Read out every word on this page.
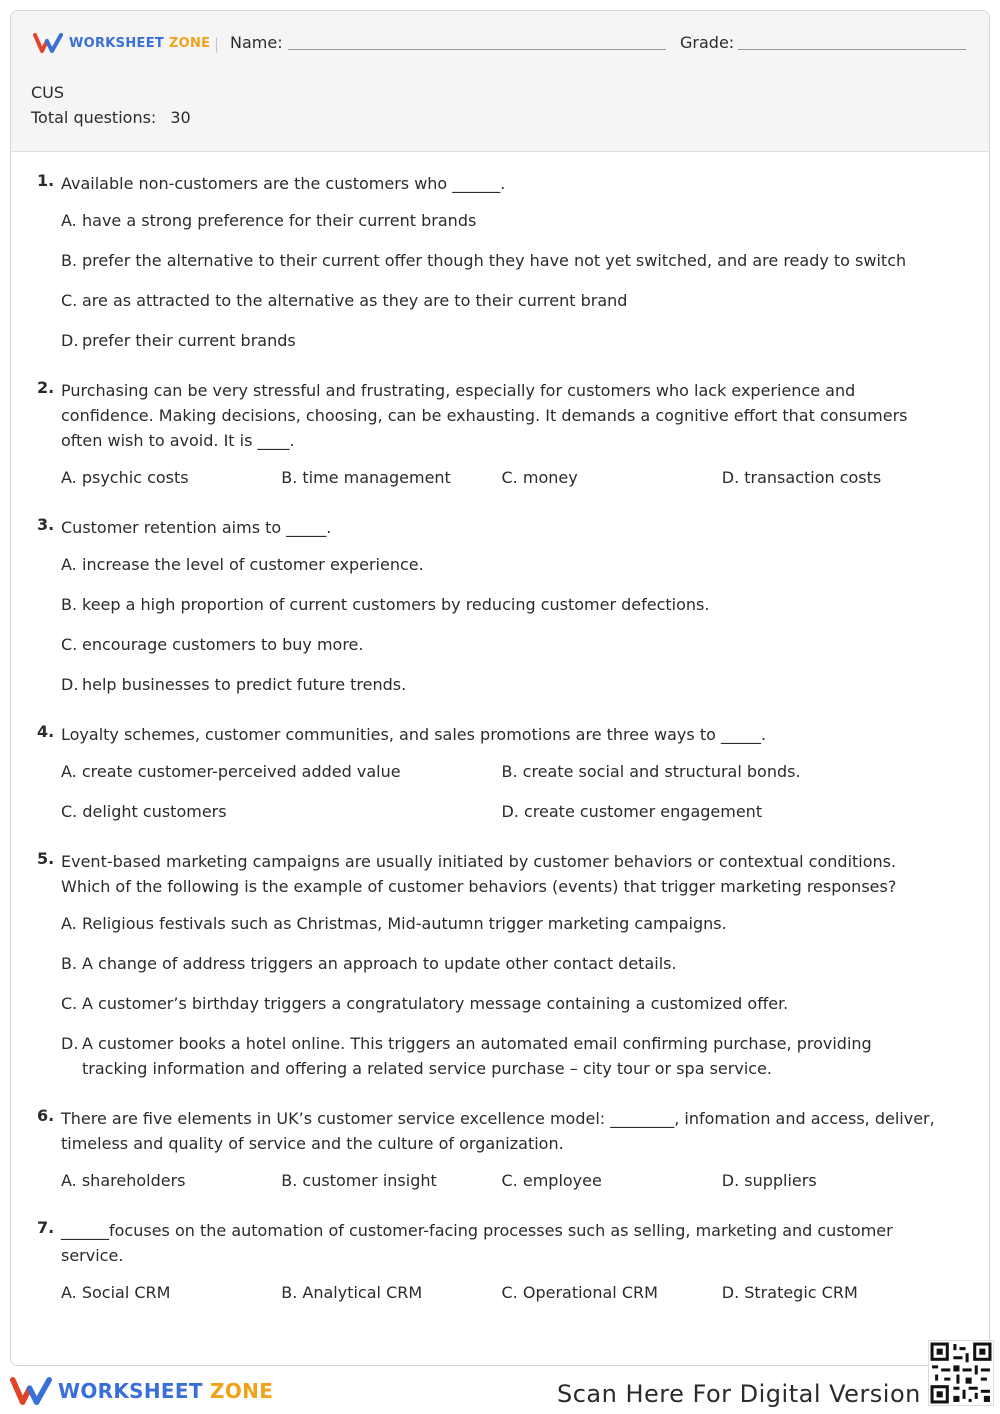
WORKSHEET ZONE | Name:	Grade:
CUS
Total questions: 30
1. Available non-customers are the customers who ______.
A. have a strong preference for their current brands
B. prefer the alternative to their current offer though they have not yet switched, and are ready to switch
C. are as attracted to the alternative as they are to their current brand
D. prefer their current brands
2. Purchasing can be very stressful and frustrating, especially for customers who lack experience and confidence. Making decisions, choosing, can be exhausting. It demands a cognitive effort that consumers often wish to avoid. It is ____.
A. psychic costs	B. time management	C. money	D. transaction costs
3. Customer retention aims to _____.
A. increase the level of customer experience.
B. keep a high proportion of current customers by reducing customer defections.
C. encourage customers to buy more.
D. help businesses to predict future trends.
4. Loyalty schemes, customer communities, and sales promotions are three ways to _____.
A. create customer-perceived added value	B. create social and structural bonds.
C. delight customers	D. create customer engagement
5. Event-based marketing campaigns are usually initiated by customer behaviors or contextual conditions. Which of the following is the example of customer behaviors (events) that trigger marketing responses?
A. Religious festivals such as Christmas, Mid-autumn trigger marketing campaigns.
B. A change of address triggers an approach to update other contact details.
C. A customer’s birthday triggers a congratulatory message containing a customized offer.
D. A customer books a hotel online. This triggers an automated email confirming purchase, providing tracking information and offering a related service purchase – city tour or spa service.
6. There are five elements in UK’s customer service excellence model: ________, infomation and access, deliver, timeless and quality of service and the culture of organization.
A. shareholders	B. customer insight	C. employee	D. suppliers
7. ______focuses on the automation of customer-facing processes such as selling, marketing and customer service.
A. Social CRM	B. Analytical CRM	C. Operational CRM	D. Strategic CRM
WORKSHEET ZONE	Scan Here For Digital Version
